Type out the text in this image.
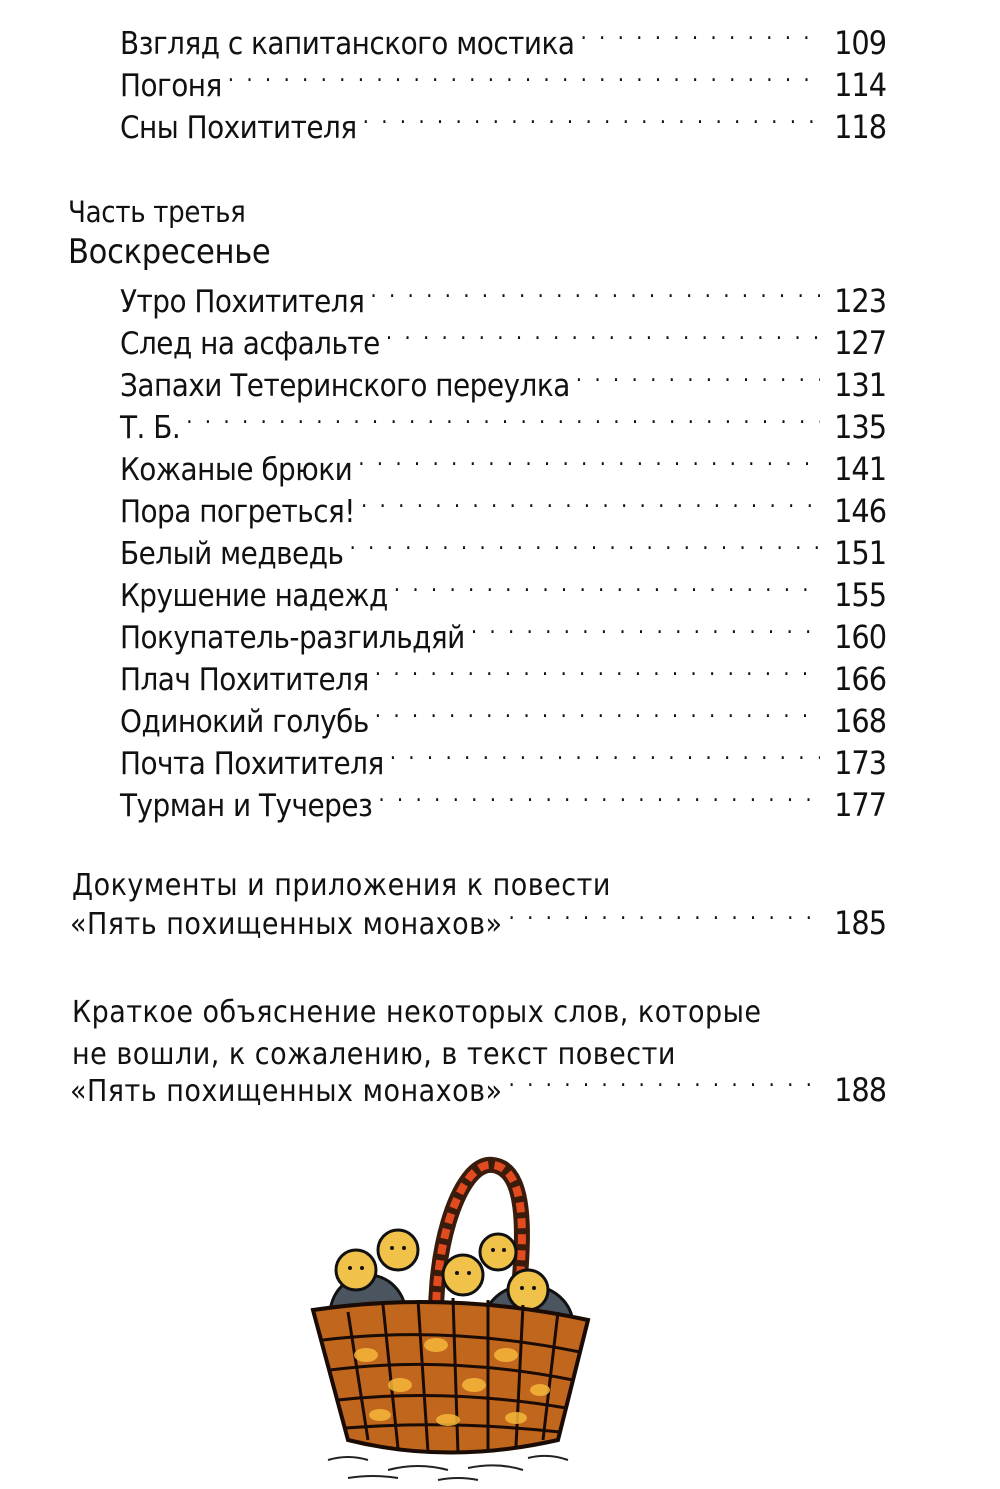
Взгляд с капитанского мостика . . .	109
Погоня . . .	114
Сны Похитителя . . .	118
Часть третья
Воскресенье
Утро Похитителя . . .	123
След на асфальте . . .	127
Запахи Тетеринского переулка . . .	131
Т. Б. . . .	135
Кожаные брюки . . .	141
Пора погреться! . . .	146
Белый медведь . . .	151
Крушение надежд . . .	155
Покупатель-разгильдяй . . .	160
Плач Похитителя . . .	166
Одинокий голубь . . .	168
Почта Похитителя . . .	173
Турман и Тучерез . . .	177
Документы и приложения к повести
«Пять похищенных монахов» . . .	185
Краткое объяснение некоторых слов, которые
не вошли, к сожалению, в текст повести
«Пять похищенных монахов» . . .	188
